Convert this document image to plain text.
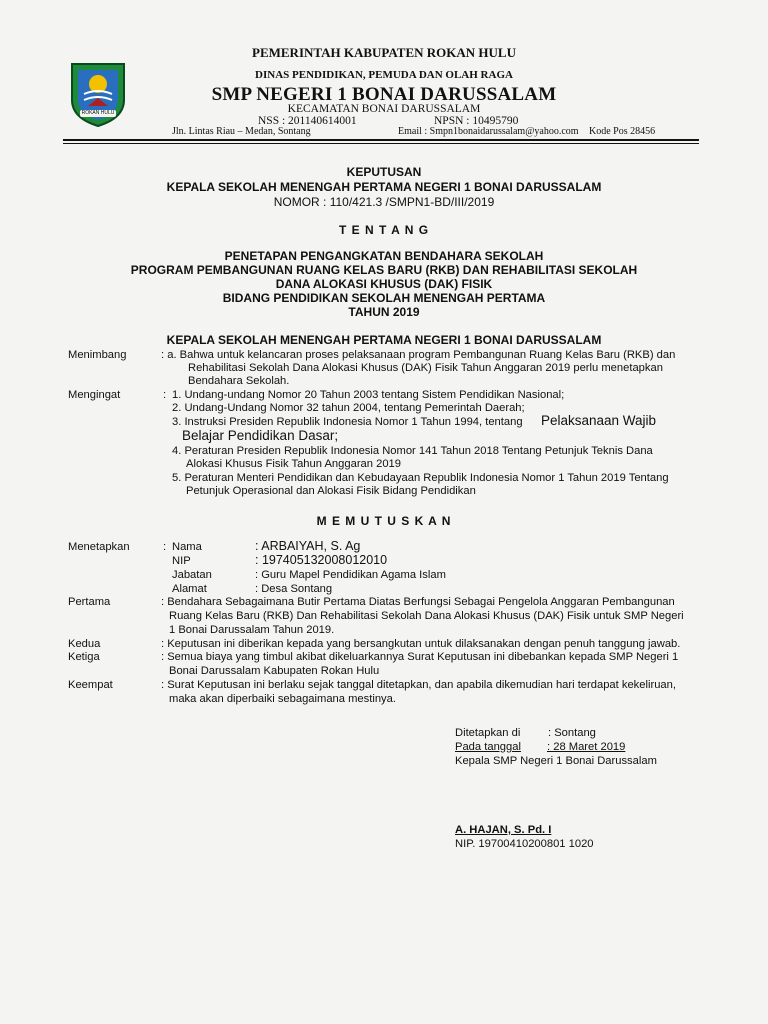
ROKAN HULU
PEMERINTAH KABUPATEN ROKAN HULU
DINAS PENDIDIKAN, PEMUDA DAN OLAH RAGA
SMP NEGERI 1 BONAI DARUSSALAM
KECAMATAN BONAI DARUSSALAM
NSS : 201140614001	NPSN : 10495790
Jln. Lintas Riau – Medan, Sontang	Email : Smpn1bonaidarussalam@yahoo.com Kode Pos 28456
KEPUTUSAN
KEPALA SEKOLAH MENENGAH PERTAMA NEGERI 1 BONAI DARUSSALAM
NOMOR : 110/421.3 /SMPN1-BD/III/2019
T E N T A N G
PENETAPAN PENGANGKATAN BENDAHARA SEKOLAH
PROGRAM PEMBANGUNAN RUANG KELAS BARU (RKB) DAN REHABILITASI SEKOLAH
DANA ALOKASI KHUSUS (DAK) FISIK
BIDANG PENDIDIKAN SEKOLAH MENENGAH PERTAMA
TAHUN 2019
KEPALA SEKOLAH MENENGAH PERTAMA NEGERI 1 BONAI DARUSSALAM
Menimbang	: a. Bahwa untuk kelancaran proses pelaksanaan program Pembangunan Ruang Kelas Baru (RKB) dan
Rehabilitasi Sekolah Dana Alokasi Khusus (DAK) Fisik Tahun Anggaran 2019 perlu menetapkan
Bendahara Sekolah.
Mengingat	: 1. Undang-undang Nomor 20 Tahun 2003 tentang Sistem Pendidikan Nasional;
2. Undang-Undang Nomor 32 tahun 2004, tentang Pemerintah Daerah;
3. Instruksi Presiden Republik Indonesia Nomor 1 Tahun 1994, tentang Pelaksanaan Wajib
Belajar Pendidikan Dasar;
4. Peraturan Presiden Republik Indonesia Nomor 141 Tahun 2018 Tentang Petunjuk Teknis Dana
Alokasi Khusus Fisik Tahun Anggaran 2019
5. Peraturan Menteri Pendidikan dan Kebudayaan Republik Indonesia Nomor 1 Tahun 2019 Tentang
Petunjuk Operasional dan Alokasi Fisik Bidang Pendidikan
M E M U T U S K A N
Menetapkan	: Nama	: ARBAIYAH, S. Ag
NIP	: 197405132008012010
Jabatan	: Guru Mapel Pendidikan Agama Islam
Alamat	: Desa Sontang
Pertama	: Bendahara Sebagaimana Butir Pertama Diatas Berfungsi Sebagai Pengelola Anggaran Pembangunan
Ruang Kelas Baru (RKB) Dan Rehabilitasi Sekolah Dana Alokasi Khusus (DAK) Fisik untuk SMP Negeri
1 Bonai Darussalam Tahun 2019.
Kedua	: Keputusan ini diberikan kepada yang bersangkutan untuk dilaksanakan dengan penuh tanggung jawab.
Ketiga	: Semua biaya yang timbul akibat dikeluarkannya Surat Keputusan ini dibebankan kepada SMP Negeri 1
Bonai Darussalam Kabupaten Rokan Hulu
Keempat	: Surat Keputusan ini berlaku sejak tanggal ditetapkan, dan apabila dikemudian hari terdapat kekeliruan,
maka akan diperbaiki sebagaimana mestinya.
Ditetapkan di : Sontang
Pada tanggal	: 28 Maret 2019
Kepala SMP Negeri 1 Bonai Darussalam
A. HAJAN, S. Pd. I
NIP. 19700410200801 1020
